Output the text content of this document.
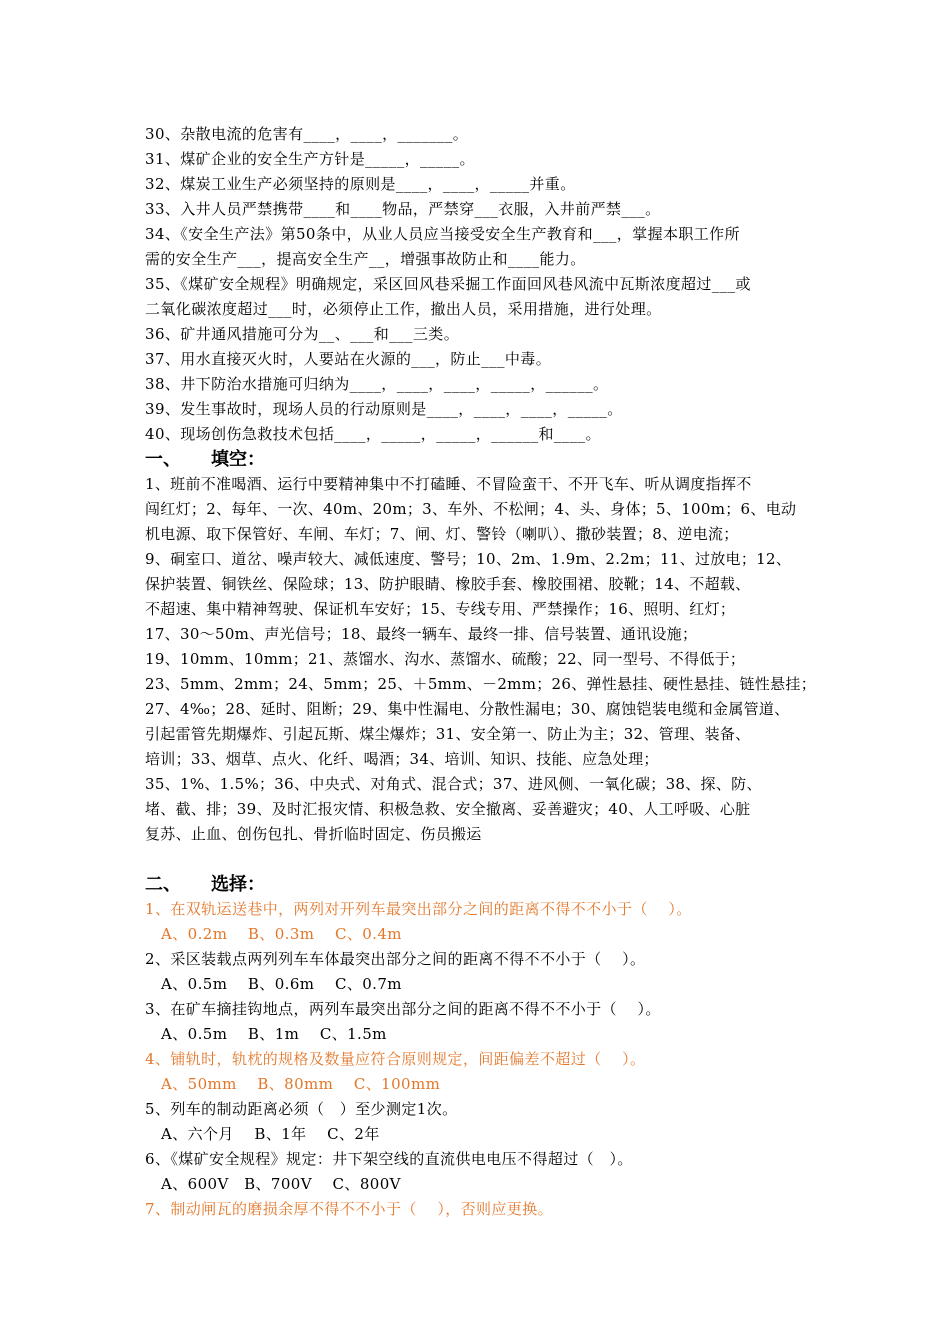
30、杂散电流的危害有____，____，_______。
31、煤矿企业的安全生产方针是_____，_____。
32、煤炭工业生产必须坚持的原则是____，____，_____并重。
33、入井人员严禁携带____和____物品，严禁穿___衣服，入井前严禁___。
34、《安全生产法》第50条中，从业人员应当接受安全生产教育和___，掌握本职工作所
需的安全生产___，提高安全生产__，增强事故防止和____能力。
35、《煤矿安全规程》明确规定，采区回风巷采掘工作面回风巷风流中瓦斯浓度超过___或
二氧化碳浓度超过___时，必须停止工作，撤出人员，采用措施，进行处理。
36、矿井通风措施可分为__、___和___三类。
37、用水直接灭火时，人要站在火源的___，防止___中毒。
38、井下防治水措施可归纳为____，____，____，_____，______。
39、发生事故时，现场人员的行动原则是____，____，____，_____。
40、现场创伤急救技术包括____，_____，_____，______和____。
一、 填空：
1、班前不准喝酒、运行中要精神集中不打磕睡、不冒险蛮干、不开飞车、听从调度指挥不
闯红灯；2、每年、一次、40m、20m；3、车外、不松闸；4、头、身体；5、100m；6、电动
机电源、取下保管好、车闸、车灯；7、闸、灯、警铃（喇叭）、撒砂装置；8、逆电流；
9、硐室口、道岔、噪声较大、减低速度、警号；10、2m、1.9m、2.2m；11、过放电；12、
保护装置、铜铁丝、保险球；13、防护眼睛、橡胶手套、橡胶围裙、胶靴；14、不超载、
不超速、集中精神驾驶、保证机车安好；15、专线专用、严禁操作；16、照明、红灯；
17、30～50m、声光信号；18、最终一辆车、最终一排、信号装置、通讯设施；
19、10mm、10mm；21、蒸馏水、沟水、蒸馏水、硫酸；22、同一型号、不得低于；
23、5mm、2mm；24、5mm；25、＋5mm、－2mm；26、弹性悬挂、硬性悬挂、链性悬挂；
27、4‰；28、延时、阻断；29、集中性漏电、分散性漏电；30、腐蚀铠装电缆和金属管道、
引起雷管先期爆炸、引起瓦斯、煤尘爆炸；31、安全第一、防止为主；32、管理、装备、
培训；33、烟草、点火、化纤、喝酒；34、培训、知识、技能、应急处理；
35、1%、1.5%；36、中央式、对角式、混合式；37、进风侧、一氧化碳；38、探、防、
堵、截、排；39、及时汇报灾情、积极急救、安全撤离、妥善避灾；40、人工呼吸、心脏
复苏、止血、创伤包扎、骨折临时固定、伤员搬运
二、 选择：
1、在双轨运送巷中，两列对开列车最突出部分之间的距离不得不不小于（　 ）。
A、0.2m　 B、0.3m　 C、0.4m
2、采区装载点两列列车车体最突出部分之间的距离不得不不小于（　 ）。
A、0.5m　 B、0.6m　 C、0.7m
3、在矿车摘挂钩地点，两列车最突出部分之间的距离不得不不小于（　 ）。
A、0.5m　 B、1m　 C、1.5m
4、铺轨时，轨枕的规格及数量应符合原则规定，间距偏差不超过（　 ）。
A、50mm　 B、80mm　 C、100mm
5、列车的制动距离必须（　）至少测定1次。
A、六个月　 B、1年　 C、2年
6、《煤矿安全规程》规定：井下架空线的直流供电电压不得超过（　）。
A、600V　B、700V　 C、800V
7、制动闸瓦的磨损余厚不得不不小于（　 ），否则应更换。
